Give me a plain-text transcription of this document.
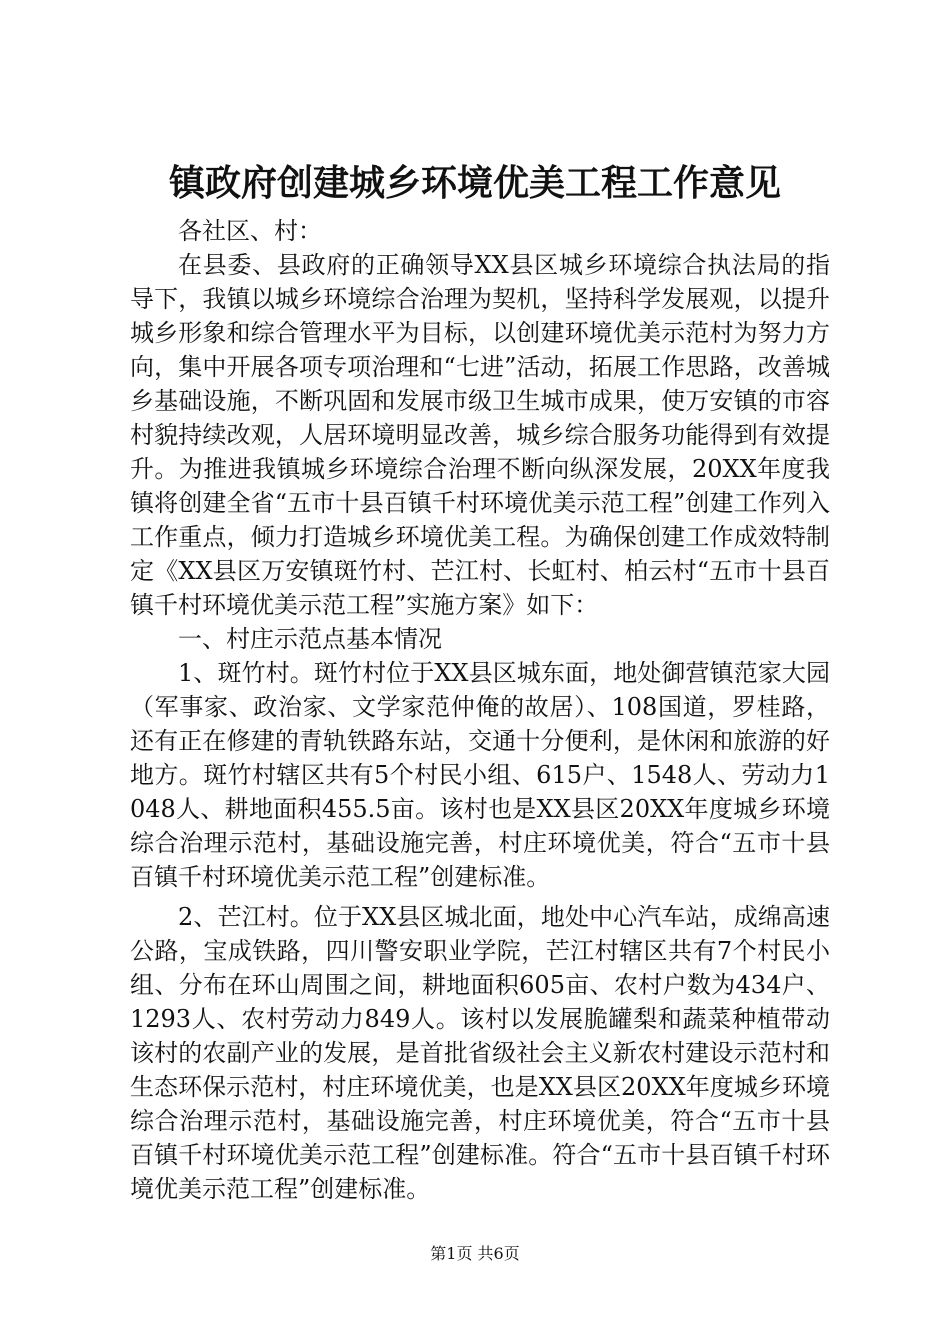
镇政府创建城乡环境优美工程工作意见

各社区、村：

在县委、县政府的正确领导XX县区城乡环境综合执法局的指导下，我镇以城乡环境综合治理为契机，坚持科学发展观，以提升城乡形象和综合管理水平为目标，以创建环境优美示范村为努力方向，集中开展各项专项治理和“七进”活动，拓展工作思路，改善城乡基础设施，不断巩固和发展市级卫生城市成果，使万安镇的市容村貌持续改观，人居环境明显改善，城乡综合服务功能得到有效提升。为推进我镇城乡环境综合治理不断向纵深发展，20XX年度我镇将创建全省“五市十县百镇千村环境优美示范工程”创建工作列入工作重点，倾力打造城乡环境优美工程。为确保创建工作成效特制定《XX县区万安镇斑竹村、芒江村、长虹村、柏云村“五市十县百镇千村环境优美示范工程”实施方案》如下：

一、村庄示范点基本情况

1、斑竹村。斑竹村位于XX县区城东面，地处御营镇范家大园（军事家、政治家、文学家范仲俺的故居）、108国道，罗桂路，还有正在修建的青轨铁路东站，交通十分便利，是休闲和旅游的好地方。斑竹村辖区共有5个村民小组、615户、1548人、劳动力1048人、耕地面积455.5亩。该村也是XX县区20XX年度城乡环境综合治理示范村，基础设施完善，村庄环境优美，符合“五市十县百镇千村环境优美示范工程”创建标准。

2、芒江村。位于XX县区城北面，地处中心汽车站，成绵高速公路，宝成铁路，四川警安职业学院，芒江村辖区共有7个村民小组、分布在环山周围之间，耕地面积605亩、农村户数为434户、1293人、农村劳动力849人。该村以发展脆罐梨和蔬菜种植带动该村的农副产业的发展，是首批省级社会主义新农村建设示范村和生态环保示范村，村庄环境优美，也是XX县区20XX年度城乡环境综合治理示范村，基础设施完善，村庄环境优美，符合“五市十县百镇千村环境优美示范工程”创建标准。符合“五市十县百镇千村环境优美示范工程”创建标准。

第1页 共6页
